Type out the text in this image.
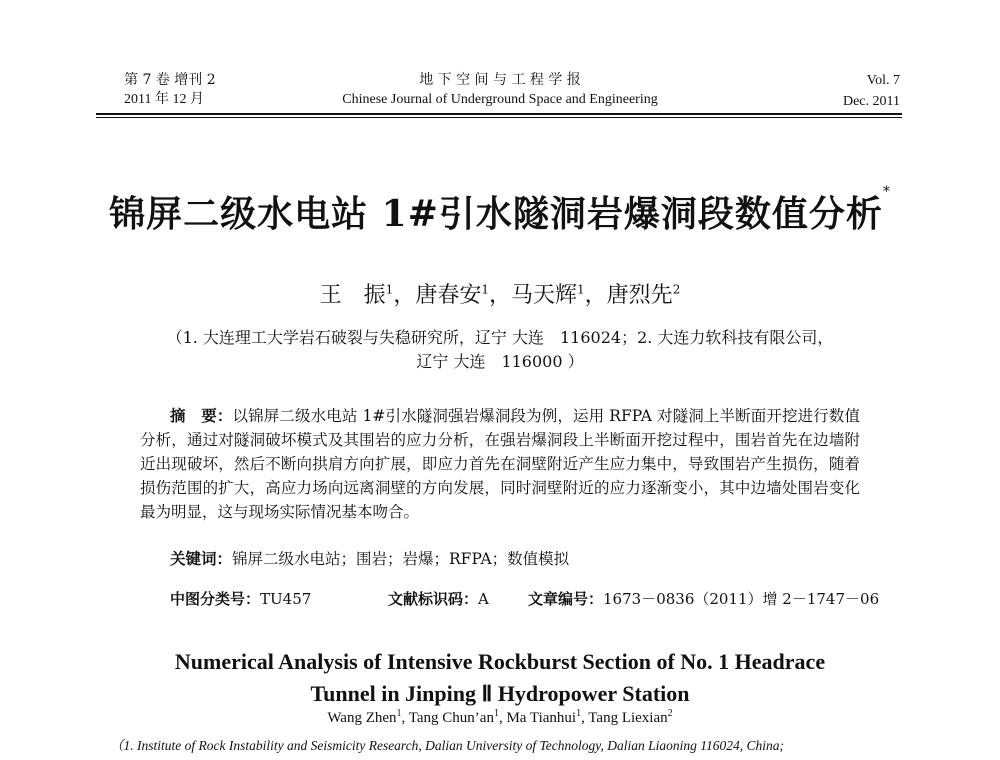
第 7 卷 增刊 2
2011 年 12 月
地 下 空 间 与 工 程 学 报
Chinese Journal of Underground Space and Engineering
Vol. 7
Dec. 2011
锦屏二级水电站 1#引水隧洞岩爆洞段数值分析*
王　振$^1$，唐春安$^1$，马天辉$^1$，唐烈先$^2$
（1. 大连理工大学岩石破裂与失稳研究所，辽宁 大连　116024；2. 大连力软科技有限公司，
辽宁 大连　116000 ）

摘　要：以锦屏二级水电站 1#引水隧洞强岩爆洞段为例，运用 RFPA 对隧洞上半断面开挖进行数值分析，通过对隧洞破坏模式及其围岩的应力分析，在强岩爆洞段上半断面开挖过程中，围岩首先在边墙附近出现破坏，然后不断向拱肩方向扩展，即应力首先在洞壁附近产生应力集中，导致围岩产生损伤，随着损伤范围的扩大，高应力场向远离洞壁的方向发展，同时洞壁附近的应力逐渐变小，其中边墙处围岩变化最为明显，这与现场实际情况基本吻合。

关键词：锦屏二级水电站；围岩；岩爆；RFPA；数值模拟
中图分类号：TU457	文献标识码：A	文章编号：1673－0836（2011）增 2－1747－06
Numerical Analysis of Intensive Rockburst Section of No. 1 Headrace
Tunnel in Jinping Ⅱ Hydropower Station
Wang Zhen$^1$, Tang $Chun’an^1$, Ma Tianhui$^1$, Tang Liexian$^2$
（1. Institute of Rock Instability and Seismicity Research, Dalian University of Technology, Dalian Liaoning 116024, China;
